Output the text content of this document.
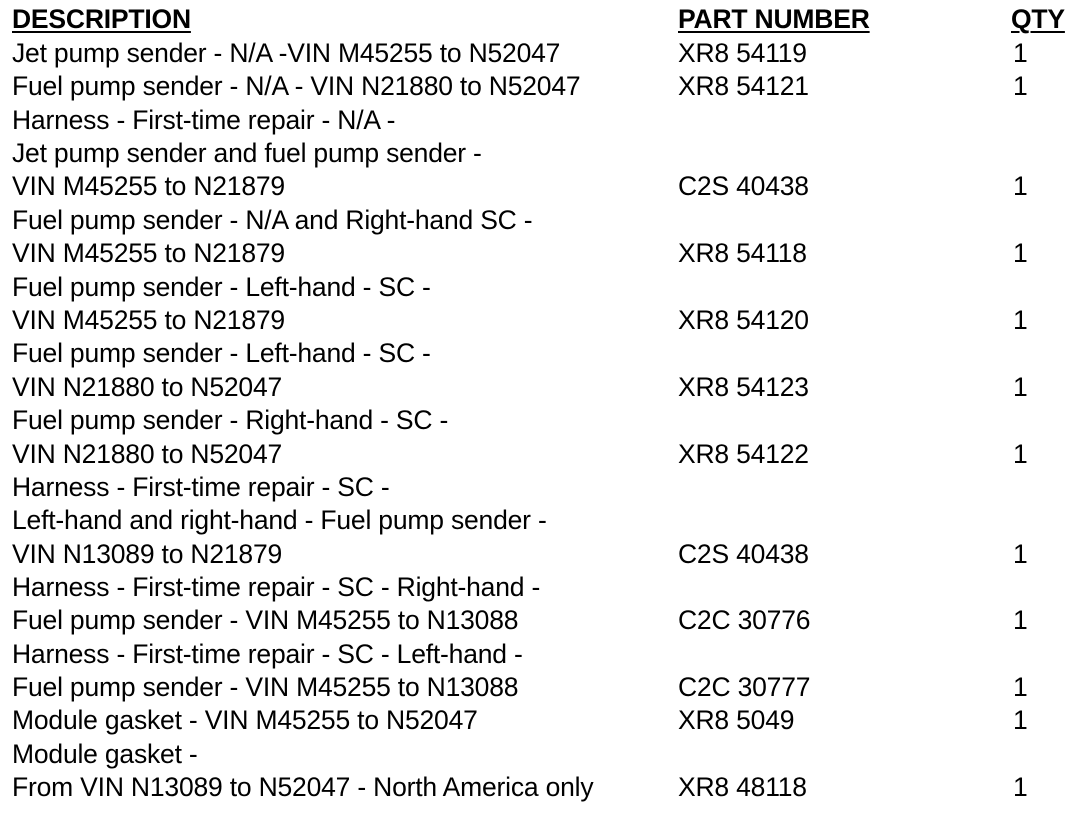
DESCRIPTION	PART NUMBER	QTY
Jet pump sender - N/A -VIN M45255 to N52047	XR8 54119	1
Fuel pump sender - N/A - VIN N21880 to N52047	XR8 54121	1
Harness - First-time repair - N/A -
Jet pump sender and fuel pump sender -
VIN M45255 to N21879	C2S 40438	1
Fuel pump sender - N/A and Right-hand SC -
VIN M45255 to N21879	XR8 54118	1
Fuel pump sender - Left-hand - SC -
VIN M45255 to N21879	XR8 54120	1
Fuel pump sender - Left-hand - SC -
VIN N21880 to N52047	XR8 54123	1
Fuel pump sender - Right-hand - SC -
VIN N21880 to N52047	XR8 54122	1
Harness - First-time repair - SC -
Left-hand and right-hand - Fuel pump sender -
VIN N13089 to N21879	C2S 40438	1
Harness - First-time repair - SC - Right-hand -
Fuel pump sender - VIN M45255 to N13088	C2C 30776	1
Harness - First-time repair - SC - Left-hand -
Fuel pump sender - VIN M45255 to N13088	C2C 30777	1
Module gasket - VIN M45255 to N52047	XR8 5049	1
Module gasket -
From VIN N13089 to N52047 - North America only	XR8 48118	1
